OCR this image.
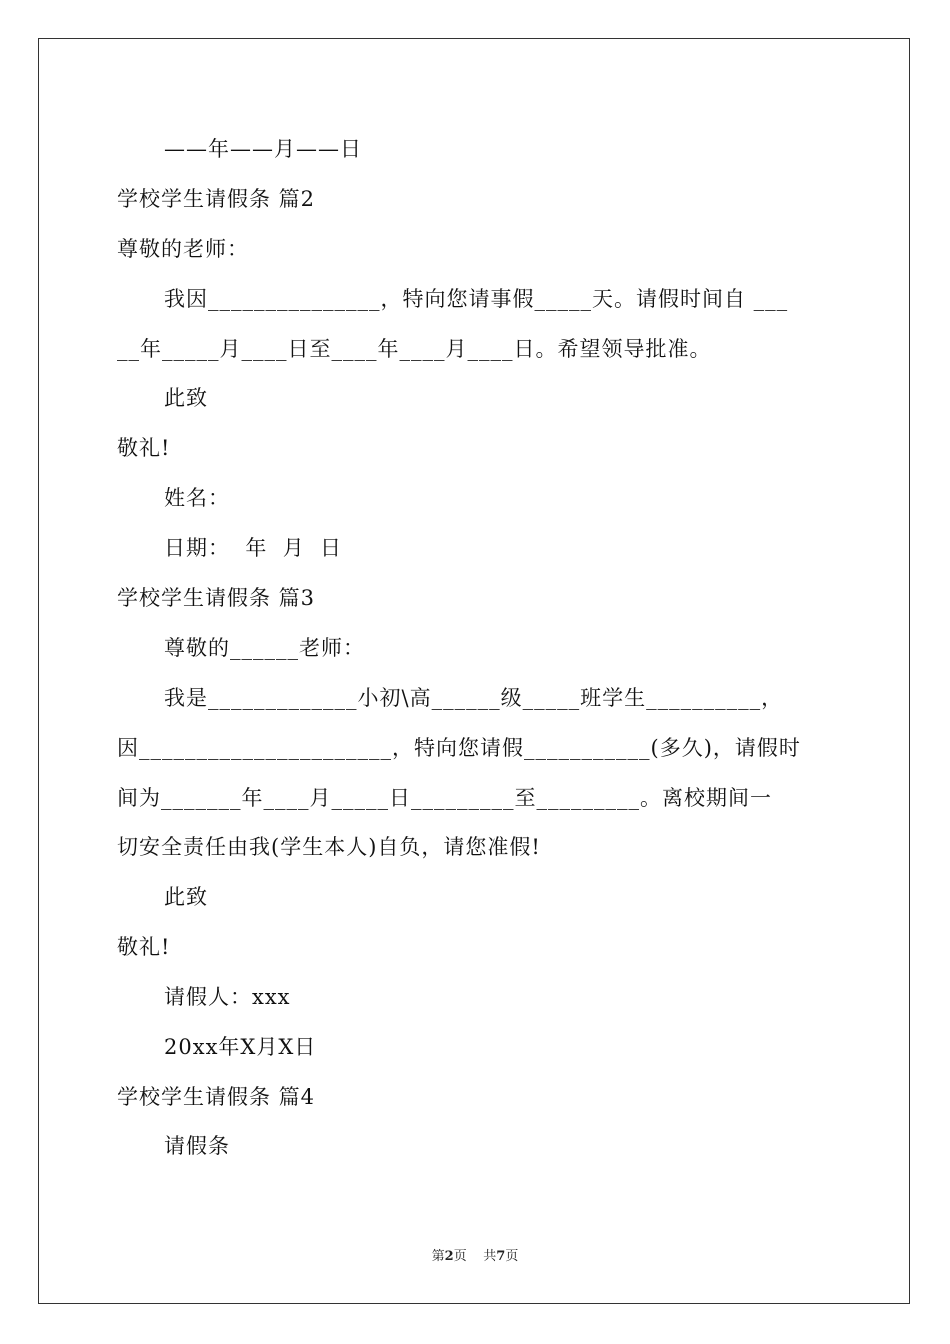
——年——月——日
学校学生请假条 篇2
尊敬的老师：
我因_______________，特向您请事假_____天。请假时间自 ___
__年_____月____日至____年____月____日。希望领导批准。
此致
敬礼!
姓名：
日期：  年  月  日
学校学生请假条 篇3
尊敬的______老师：
我是_____________小初\高______级_____班学生__________，
因______________________，特向您请假___________(多久)，请假时
间为_______年____月_____日_________至_________。离校期间一
切安全责任由我(学生本人)自负，请您准假!
此致
敬礼!
请假人：xxx
20xx年X月X日
学校学生请假条 篇4
请假条
第2页 共7页
